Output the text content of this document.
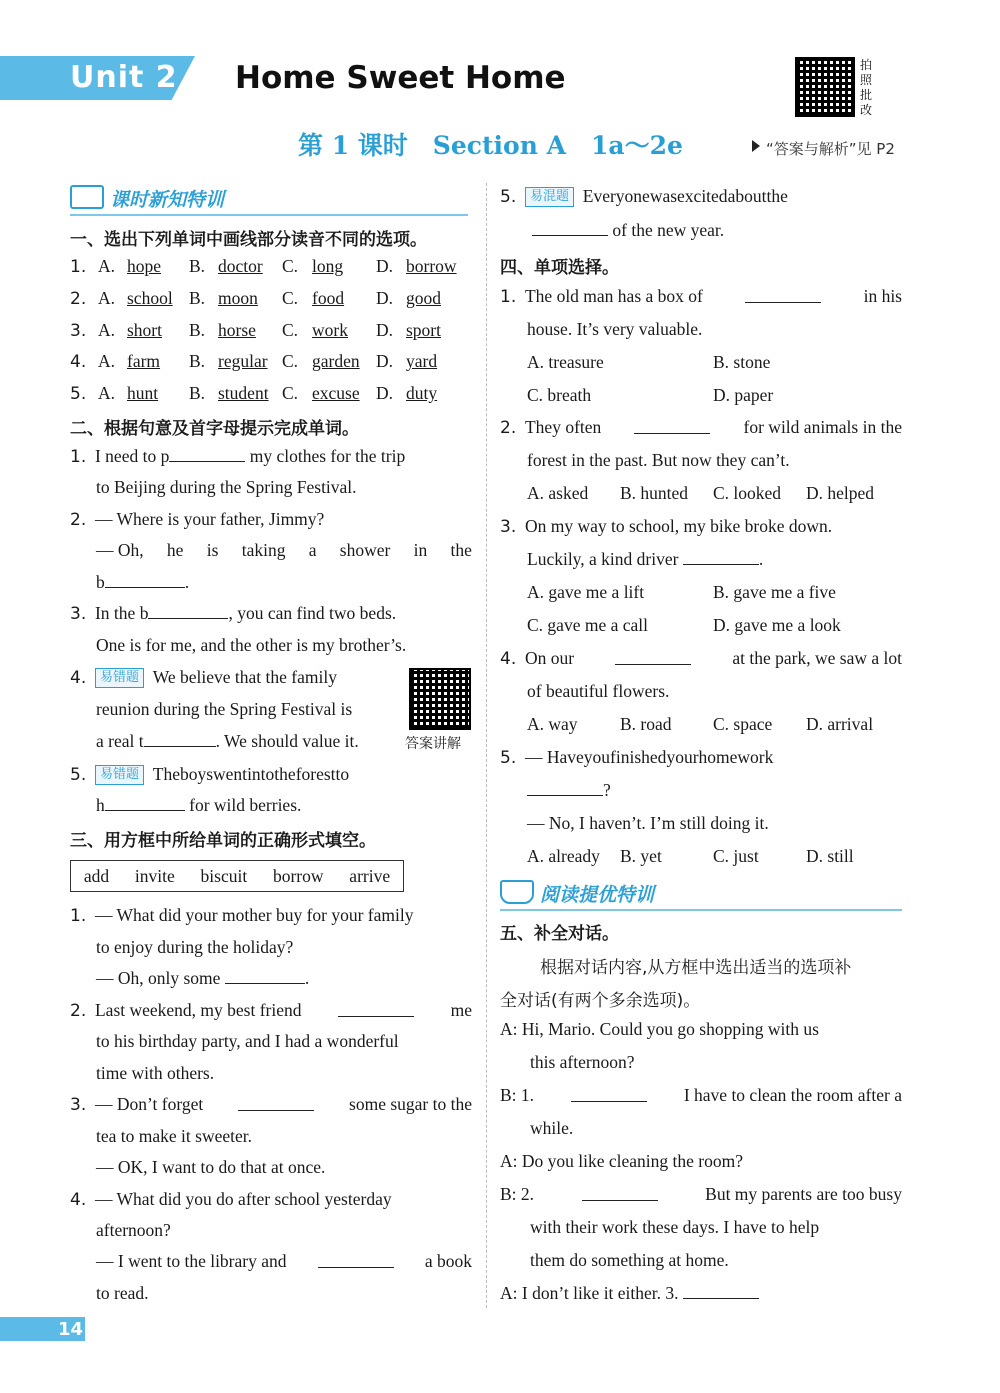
Unit 2 Home Sweet Home	拍
照
批
改
第 1 课时　Section A　1a～2e	“答案与解析”见 P2
课时新知特训
一、选出下列单词中画线部分读音不同的选项。
1. A. hope B. doctor C. long D. borrow
2. A. school B. moon C. food D. good
3. A. short B. horse C. work D. sport
4. A. farm B. regular C. garden D. yard
5. A. hunt B. student C. excuse D. duty
二、根据句意及首字母提示完成单词。
1. I need to p	my clothes for the trip
to Beijing during the Spring Festival.
2. — Where is your father, Jimmy?
— Oh, he is taking a shower in the
b	.
3. In the b	, you can find two beds.
One is for me, and the other is my brother’s.
4. 易错题 We believe that the family
reunion during the Spring Festival is
a real t	. We should value it.	答案讲解
5. 易错题 Theboyswentintotheforestto
h	for wild berries.
三、用方框中所给单词的正确形式填空。
add invite biscuit borrow arrive
1. — What did your mother buy for your family
to enjoy during the holiday?
— Oh, only some	.
2. Last weekend, my best friend	me
to his birthday party, and I had a wonderful
time with others.
3. — Don’t forget	some sugar to the
tea to make it sweeter.
— OK, I want to do that at once.
4. — What did you do after school yesterday
afternoon?
— I went to the library and	a book
to read.
14
5. 易混题 Everyonewasexcitedaboutthe
of the new year.
四、单项选择。
1. The old man has a box of	in his
house. It’s very valuable.
A. treasure	B. stone
C. breath	D. paper
2. They often	for wild animals in the
forest in the past. But now they can’t.
A. asked B. hunted C. looked D. helped
3. On my way to school, my bike broke down.
Luckily, a kind driver	.
A. gave me a lift	B. gave me a five
C. gave me a call	D. gave me a look
4. On our	at the park, we saw a lot
of beautiful flowers.
A. way B. road C. space D. arrival
5. — Haveyoufinishedyourhomework
?
— No, I haven’t. I’m still doing it.
A. already B. yet	C. just	D. still
阅读提优特训
五、补全对话。
根据对话内容,从方框中选出适当的选项补
全对话(有两个多余选项)。
A: Hi, Mario. Could you go shopping with us
this afternoon?
B: 1.	I have to clean the room after a
while.
A: Do you like cleaning the room?
B: 2.	But my parents are too busy
with their work these days. I have to help
them do something at home.
A: I don’t like it either. 3.
